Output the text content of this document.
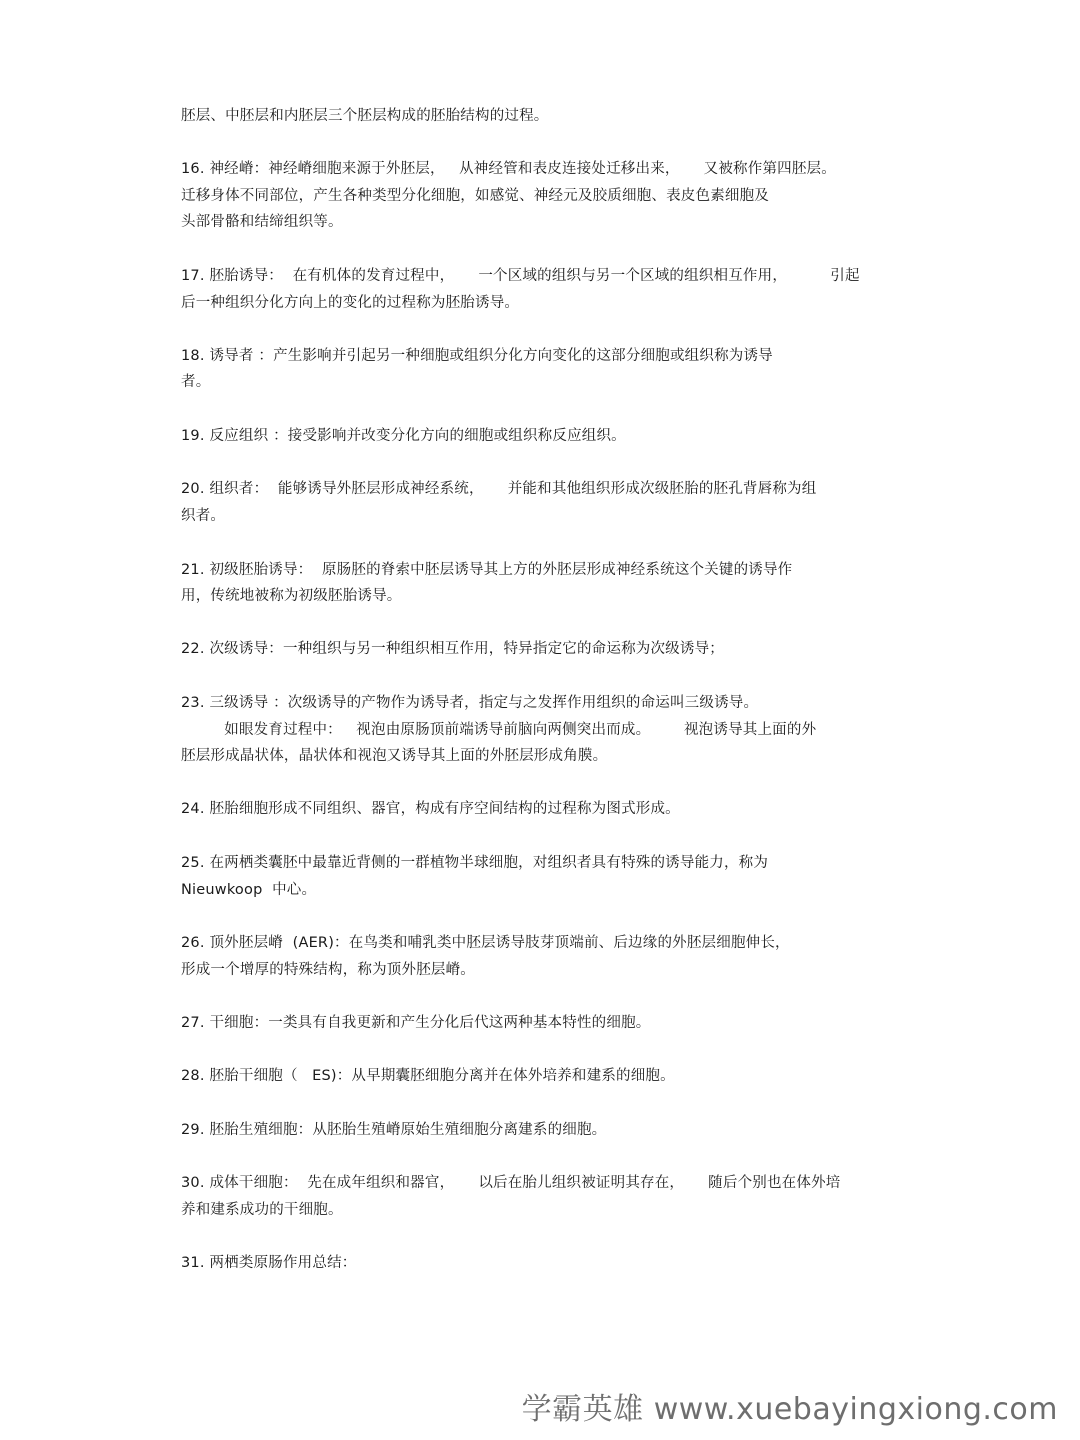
胚层、中胚层和内胚层三个胚层构成的胚胎结构的过程。
16. 神经嵴：神经嵴细胞来源于外胚层，   从神经管和表皮连接处迁移出来，     又被称作第四胚层。
迁移身体不同部位，产生各种类型分化细胞，如感觉、神经元及胶质细胞、表皮色素细胞及
头部骨骼和结缔组织等。
17. 胚胎诱导：  在有机体的发育过程中，     一个区域的组织与另一个区域的组织相互作用，         引起
后一种组织分化方向上的变化的过程称为胚胎诱导。
18. 诱导者 ：产生影响并引起另一种细胞或组织分化方向变化的这部分细胞或组织称为诱导
者。
19. 反应组织 ：接受影响并改变分化方向的细胞或组织称反应组织。
20. 组织者：  能够诱导外胚层形成神经系统，     并能和其他组织形成次级胚胎的胚孔背唇称为组
织者。
21. 初级胚胎诱导：  原肠胚的脊索中胚层诱导其上方的外胚层形成神经系统这个关键的诱导作
用，传统地被称为初级胚胎诱导。
22. 次级诱导：一种组织与另一种组织相互作用，特异指定它的命运称为次级诱导；
23. 三级诱导 ：次级诱导的产物作为诱导者，指定与之发挥作用组织的命运叫三级诱导。
如眼发育过程中：   视泡由原肠顶前端诱导前脑向两侧突出而成。       视泡诱导其上面的外
胚层形成晶状体，晶状体和视泡又诱导其上面的外胚层形成角膜。
24. 胚胎细胞形成不同组织、器官，构成有序空间结构的过程称为图式形成。
25. 在两栖类囊胚中最靠近背侧的一群植物半球细胞，对组织者具有特殊的诱导能力，称为
Nieuwkoop  中心。
26. 顶外胚层嵴  (AER)：在鸟类和哺乳类中胚层诱导肢芽顶端前、后边缘的外胚层细胞伸长，
形成一个增厚的特殊结构，称为顶外胚层嵴。
27. 干细胞：一类具有自我更新和产生分化后代这两种基本特性的细胞。
28. 胚胎干细胞（   ES)：从早期囊胚细胞分离并在体外培养和建系的细胞。
29. 胚胎生殖细胞：从胚胎生殖嵴原始生殖细胞分离建系的细胞。
30. 成体干细胞：  先在成年组织和器官，     以后在胎儿组织被证明其存在，     随后个别也在体外培
养和建系成功的干细胞。
31. 两栖类原肠作用总结：
学霸英雄 www.xuebayingxiong.com
